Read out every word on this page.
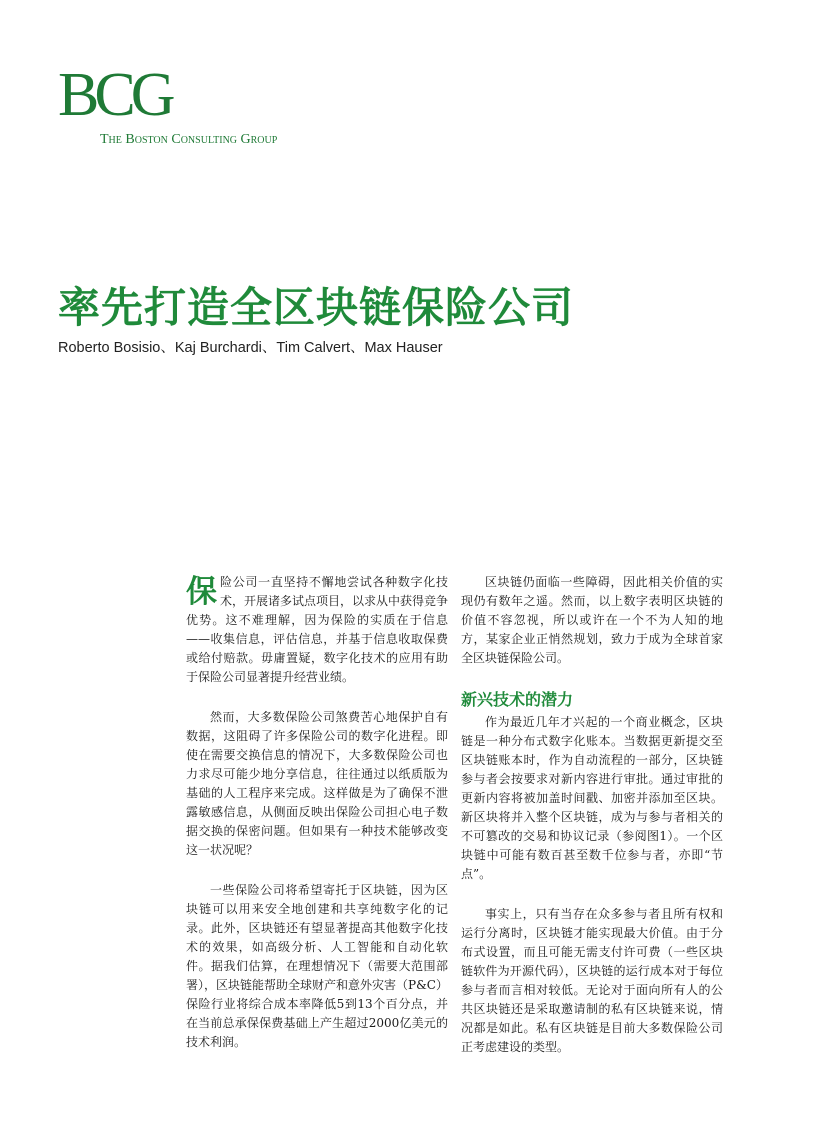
BCG
The Boston Consulting Group
率先打造全区块链保险公司
Roberto Bosisio、Kaj Burchardi、Tim Calvert、Max Hauser

保险公司一直坚持不懈地尝试各种数字化技术，开展诸多试点项目，以求从中获得竞争优势。这不难理解，因为保险的实质在于信息——收集信息，评估信息，并基于信息收取保费或给付赔款。毋庸置疑，数字化技术的应用有助于保险公司显著提升经营业绩。

然而，大多数保险公司煞费苦心地保护自有数据，这阻碍了许多保险公司的数字化进程。即使在需要交换信息的情况下，大多数保险公司也力求尽可能少地分享信息，往往通过以纸质版为基础的人工程序来完成。这样做是为了确保不泄露敏感信息，从侧面反映出保险公司担心电子数据交换的保密问题。但如果有一种技术能够改变这一状况呢？

一些保险公司将希望寄托于区块链，因为区块链可以用来安全地创建和共享纯数字化的记录。此外，区块链还有望显著提高其他数字化技术的效果，如高级分析、人工智能和自动化软件。据我们估算，在理想情况下（需要大范围部署），区块链能帮助全球财产和意外灾害（P&C）保险行业将综合成本率降低5到13个百分点，并在当前总承保保费基础上产生超过2000亿美元的技术利润。

区块链仍面临一些障碍，因此相关价值的实现仍有数年之遥。然而，以上数字表明区块链的价值不容忽视，所以或许在一个不为人知的地方，某家企业正悄然规划，致力于成为全球首家全区块链保险公司。

新兴技术的潜力

作为最近几年才兴起的一个商业概念，区块链是一种分布式数字化账本。当数据更新提交至区块链账本时，作为自动流程的一部分，区块链参与者会按要求对新内容进行审批。通过审批的更新内容将被加盖时间戳、加密并添加至区块。新区块将并入整个区块链，成为与参与者相关的不可篡改的交易和协议记录（参阅图1）。一个区块链中可能有数百甚至数千位参与者，亦即“节点”。

事实上，只有当存在众多参与者且所有权和运行分离时，区块链才能实现最大价值。由于分布式设置，而且可能无需支付许可费（一些区块链软件为开源代码），区块链的运行成本对于每位参与者而言相对较低。无论对于面向所有人的公共区块链还是采取邀请制的私有区块链来说，情况都是如此。私有区块链是目前大多数保险公司正考虑建设的类型。
